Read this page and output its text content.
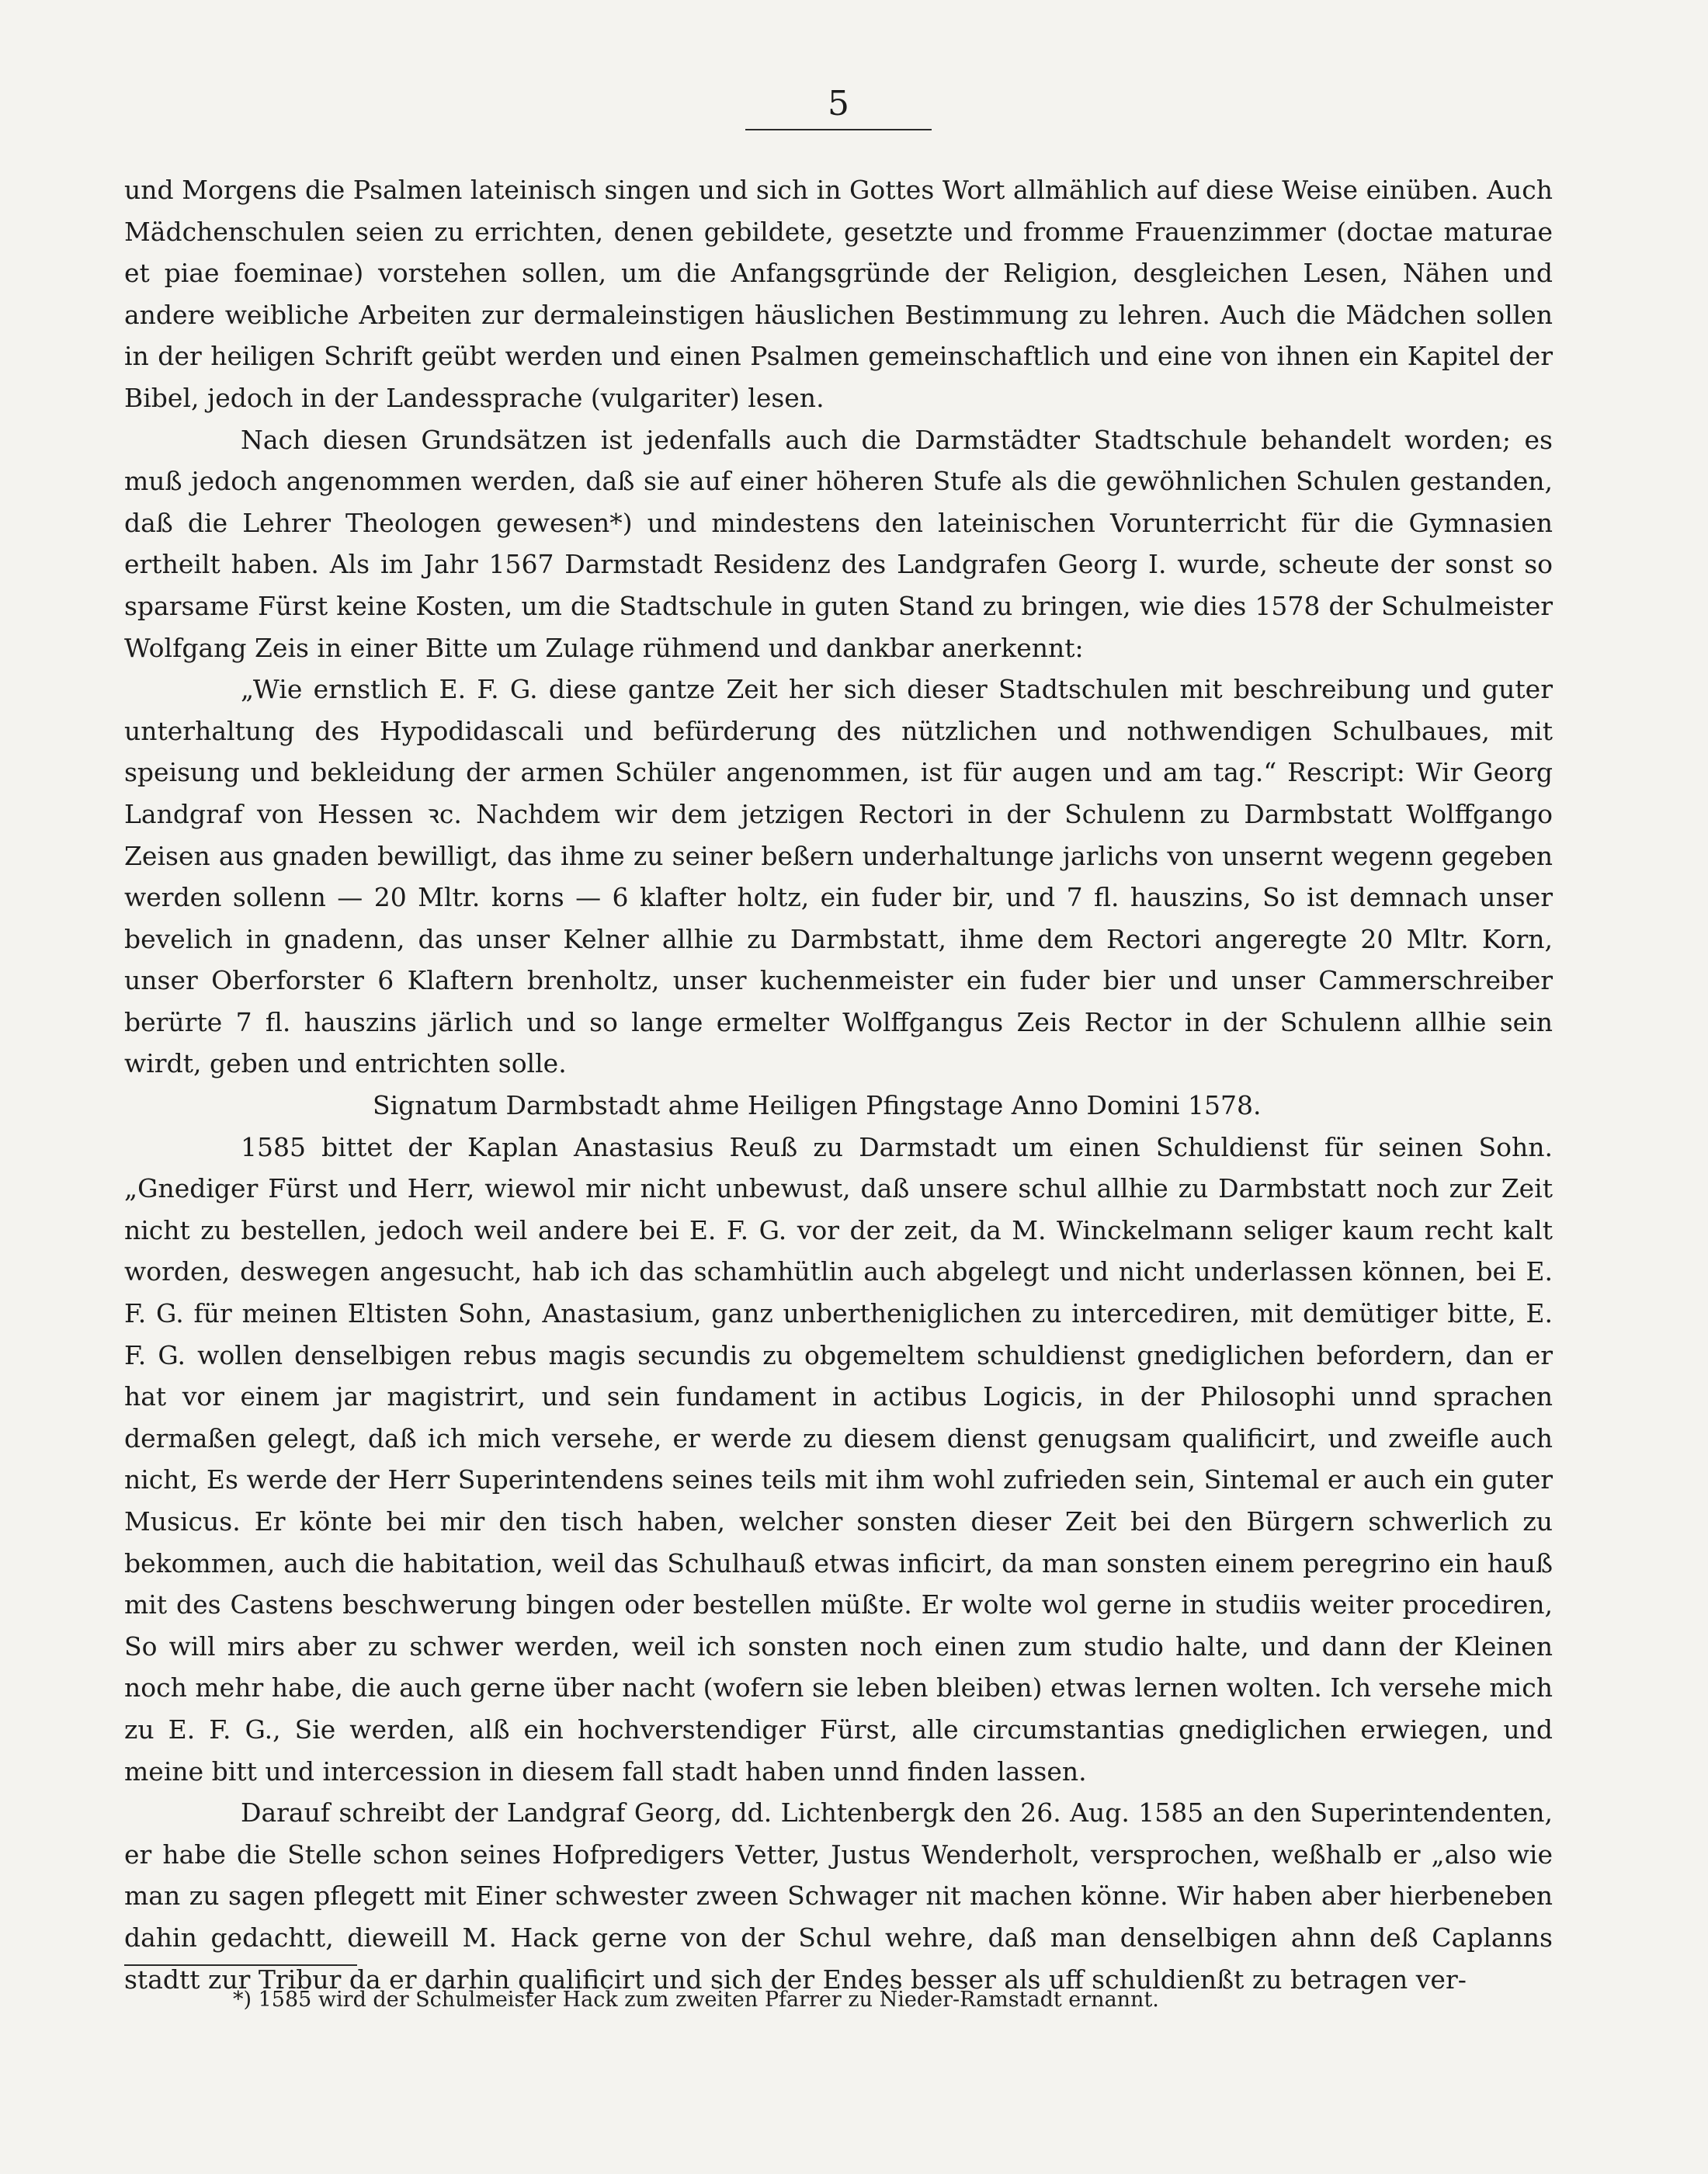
5

und Morgens die Psalmen lateinisch singen und sich in Gottes Wort allmählich auf diese Weise einüben. Auch Mädchenschulen seien zu errichten, denen gebildete, gesetzte und fromme Frauenzimmer (doctae maturae et piae foeminae) vorstehen sollen, um die Anfangsgründe der Religion, desgleichen Lesen, Nähen und andere weibliche Arbeiten zur dermaleinstigen häuslichen Bestimmung zu lehren. Auch die Mädchen sollen in der heiligen Schrift geübt werden und einen Psalmen gemeinschaftlich und eine von ihnen ein Kapitel der Bibel, jedoch in der Landessprache (vulgariter) lesen.

Nach diesen Grundsätzen ist jedenfalls auch die Darmstädter Stadtschule behandelt worden; es muß jedoch angenommen werden, daß sie auf einer höheren Stufe als die gewöhnlichen Schulen gestanden, daß die Lehrer Theologen gewesen*) und mindestens den lateinischen Vorunterricht für die Gymnasien ertheilt haben. Als im Jahr 1567 Darmstadt Residenz des Landgrafen Georg I. wurde, scheute der sonst so sparsame Fürst keine Kosten, um die Stadtschule in guten Stand zu bringen, wie dies 1578 der Schulmeister Wolfgang Zeis in einer Bitte um Zulage rühmend und dankbar anerkennt:

„Wie ernstlich E. F. G. diese gantze Zeit her sich dieser Stadtschulen mit beschreibung und guter unterhaltung des Hypodidascali und befürderung des nützlichen und nothwendigen Schulbaues, mit speisung und bekleidung der armen Schüler angenommen, ist für augen und am tag.“ Rescript: Wir Georg Landgraf von Hessen ꝛc. Nachdem wir dem jetzigen Rectori in der Schulenn zu Darmbstatt Wolffgango Zeisen aus gnaden bewilligt, das ihme zu seiner beßern underhaltunge jarlichs von unsernt wegenn gegeben werden sollenn — 20 Mltr. korns — 6 klafter holtz, ein fuder bir, und 7 fl. hauszins, So ist demnach unser bevelich in gnadenn, das unser Kelner allhie zu Darmbstatt, ihme dem Rectori angeregte 20 Mltr. Korn, unser Oberforster 6 Klaftern brenholtz, unser kuchenmeister ein fuder bier und unser Cammerschreiber berürte 7 fl. hauszins järlich und so lange ermelter Wolffgangus Zeis Rector in der Schulenn allhie sein wirdt, geben und entrichten solle.

Signatum Darmbstadt ahme Heiligen Pfingstage Anno Domini 1578.

1585 bittet der Kaplan Anastasius Reuß zu Darmstadt um einen Schuldienst für seinen Sohn. „Gnediger Fürst und Herr, wiewol mir nicht unbewust, daß unsere schul allhie zu Darmbstatt noch zur Zeit nicht zu bestellen, jedoch weil andere bei E. F. G. vor der zeit, da M. Winckelmann seliger kaum recht kalt worden, deswegen angesucht, hab ich das schamhütlin auch abgelegt und nicht underlassen können, bei E. F. G. für meinen Eltisten Sohn, Anastasium, ganz unbertheniglichen zu intercediren, mit demütiger bitte, E. F. G. wollen denselbigen rebus magis secundis zu obgemeltem schuldienst gnediglichen befordern, dan er hat vor einem jar magistrirt, und sein fundament in actibus Logicis, in der Philosophi unnd sprachen dermaßen gelegt, daß ich mich versehe, er werde zu diesem dienst genugsam qualificirt, und zweifle auch nicht, Es werde der Herr Superintendens seines teils mit ihm wohl zufrieden sein, Sintemal er auch ein guter Musicus. Er könte bei mir den tisch haben, welcher sonsten dieser Zeit bei den Bürgern schwerlich zu bekommen, auch die habitation, weil das Schulhauß etwas inficirt, da man sonsten einem peregrino ein hauß mit des Castens beschwerung bingen oder bestellen müßte. Er wolte wol gerne in studiis weiter procediren, So will mirs aber zu schwer werden, weil ich sonsten noch einen zum studio halte, und dann der Kleinen noch mehr habe, die auch gerne über nacht (wofern sie leben bleiben) etwas lernen wolten. Ich versehe mich zu E. F. G., Sie werden, alß ein hochverstendiger Fürst, alle circumstantias gnediglichen erwiegen, und meine bitt und intercession in diesem fall stadt haben unnd finden lassen.

Darauf schreibt der Landgraf Georg, dd. Lichtenbergk den 26. Aug. 1585 an den Superintendenten, er habe die Stelle schon seines Hofpredigers Vetter, Justus Wenderholt, versprochen, weßhalb er „also wie man zu sagen pflegett mit Einer schwester zween Schwager nit machen könne. Wir haben aber hierbeneben dahin gedachtt, dieweill M. Hack gerne von der Schul wehre, daß man denselbigen ahnn deß Caplanns stadtt zur Tribur da er darhin qualificirt und sich der Endes besser als uff schuldienßt zu betragen ver-

*) 1585 wird der Schulmeister Hack zum zweiten Pfarrer zu Nieder-Ramstadt ernannt.
